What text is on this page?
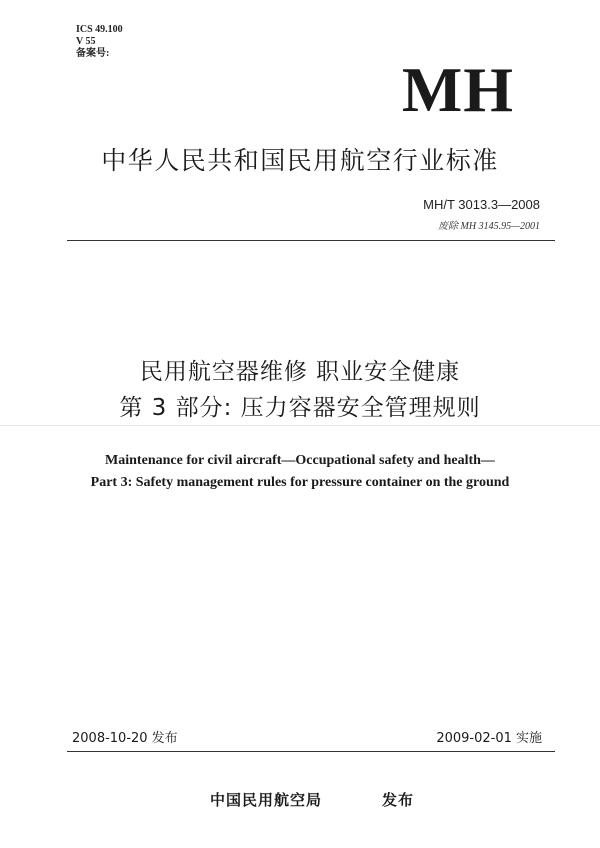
ICS 49.100
V 55
备案号:
MH
中华人民共和国民用航空行业标准
MH/T 3013.3—2008
废除 MH 3145.95—2001
民用航空器维修 职业安全健康
第 3 部分: 压力容器安全管理规则
Maintenance for civil aircraft—Occupational safety and health—
Part 3: Safety management rules for pressure container on the ground
2008-10-20 发布	2009-02-01 实施
中国民用航空局	发布
